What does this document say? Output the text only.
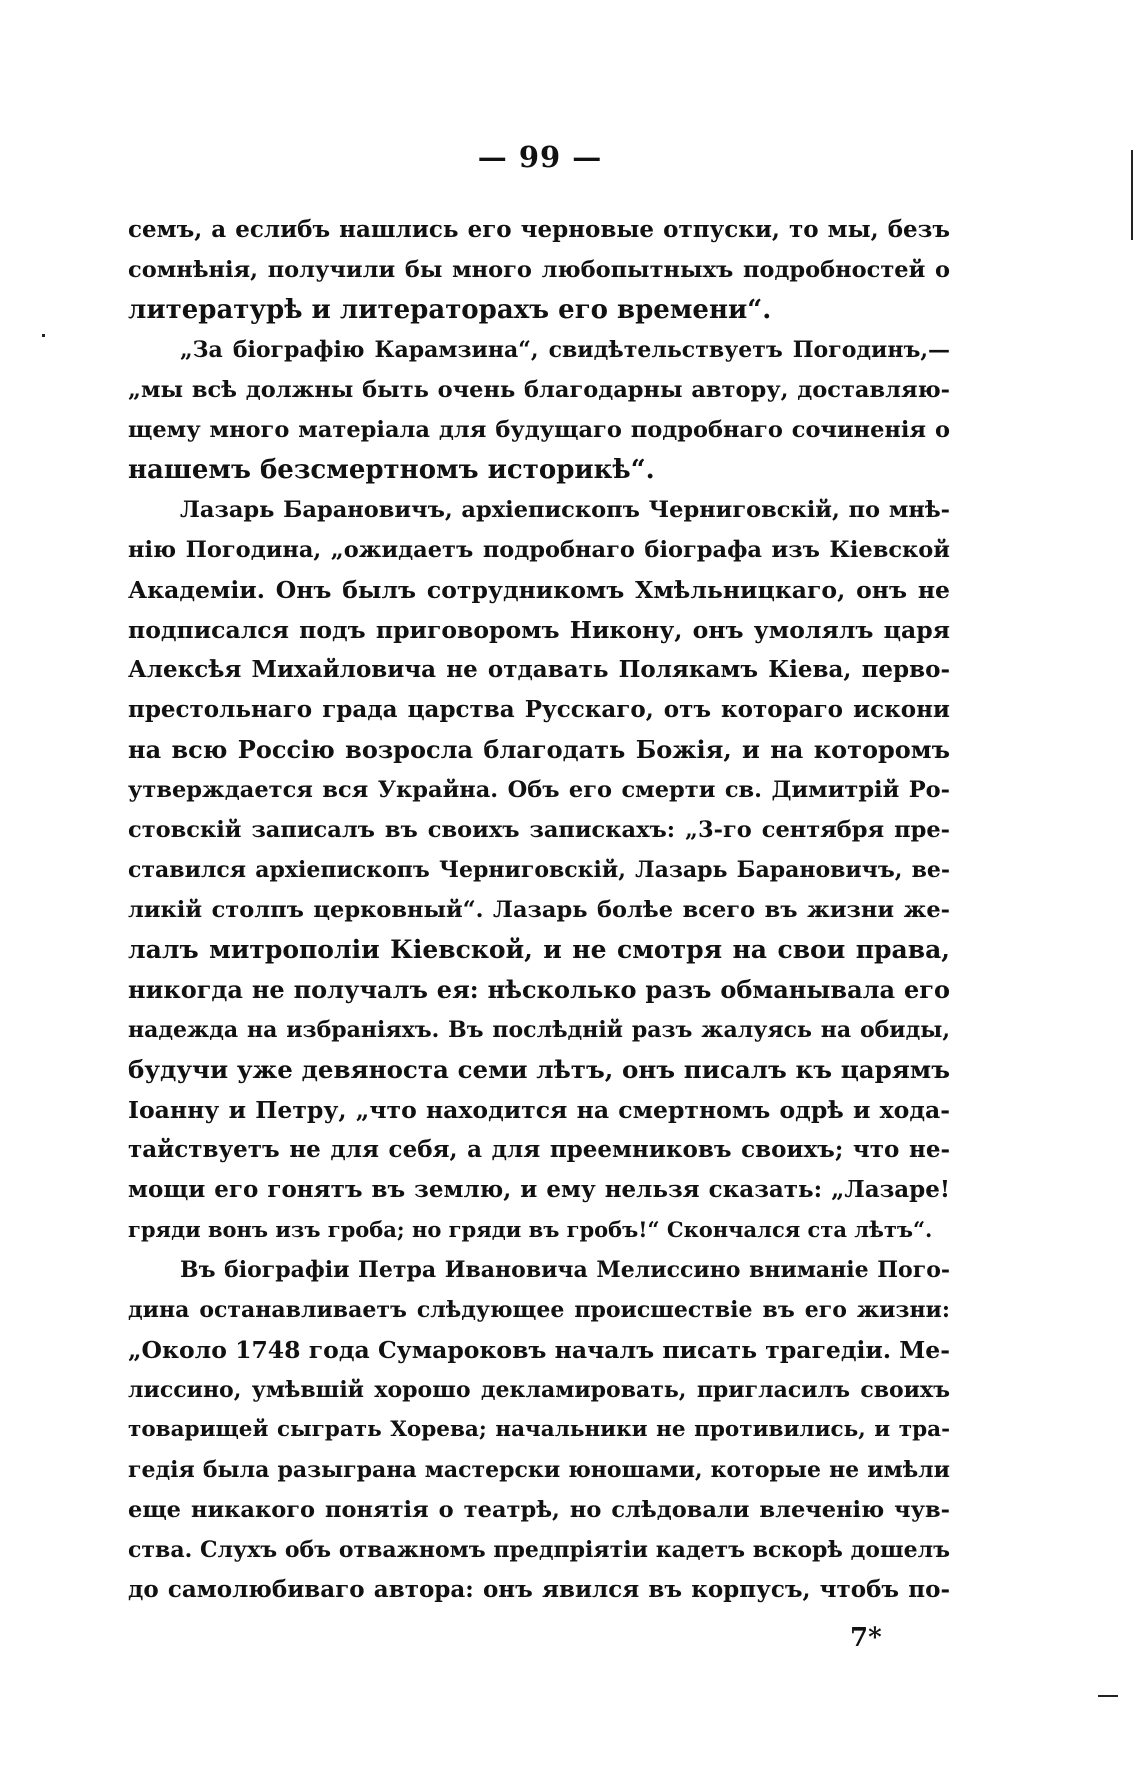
— 99 —
семъ, а еслибъ нашлись его черновые отпуски, то мы, безъ
сомнѣнія, получили бы много любопытныхъ подробностей о
литературѣ и литераторахъ его времени“.
„За біографію Карамзина“, свидѣтельствуетъ Погодинъ,—
„мы всѣ должны быть очень благодарны автору, доставляю-
щему много матеріала для будущаго подробнаго сочиненія о
нашемъ безсмертномъ историкѣ“.
Лазарь Барановичъ, архіепископъ Черниговскій, по мнѣ-
нію Погодина, „ожидаетъ подробнаго біографа изъ Кіевской
Академіи. Онъ былъ сотрудникомъ Хмѣльницкаго, онъ не
подписался подъ приговоромъ Никону, онъ умолялъ царя
Алексѣя Михайловича не отдавать Полякамъ Кіева, перво-
престольнаго града царства Русскаго, отъ котораго искони
на всю Россію возросла благодать Божія, и на которомъ
утверждается вся Украйна. Объ его смерти св. Димитрій Ро-
стовскій записалъ въ своихъ запискахъ: „3-го сентября пре-
ставился архіепископъ Черниговскій, Лазарь Барановичъ, ве-
ликій столпъ церковный“. Лазарь болѣе всего въ жизни же-
лалъ митрополіи Кіевской, и не смотря на свои права,
никогда не получалъ ея: нѣсколько разъ обманывала его
надежда на избраніяхъ. Въ послѣдній разъ жалуясь на обиды,
будучи уже девяноста семи лѣтъ, онъ писалъ къ царямъ
Іоанну и Петру, „что находится на смертномъ одрѣ и хода-
тайствуетъ не для себя, а для преемниковъ своихъ; что не-
мощи его гонятъ въ землю, и ему нельзя сказать: „Лазаре!
гряди вонъ изъ гроба; но гряди въ гробъ!“ Скончался ста лѣтъ“.
Въ біографіи Петра Ивановича Мелиссино вниманіе Пого-
дина останавливаетъ слѣдующее происшествіе въ его жизни:
„Около 1748 года Сумароковъ началъ писать трагедіи. Ме-
лиссино, умѣвшій хорошо декламировать, пригласилъ своихъ
товарищей сыграть Хорева; начальники не противились, и тра-
гедія была разыграна мастерски юношами, которые не имѣли
еще никакого понятія о театрѣ, но слѣдовали влеченію чув-
ства. Слухъ объ отважномъ предпріятіи кадетъ вскорѣ дошелъ
до самолюбиваго автора: онъ явился въ корпусъ, чтобъ по-
7*
